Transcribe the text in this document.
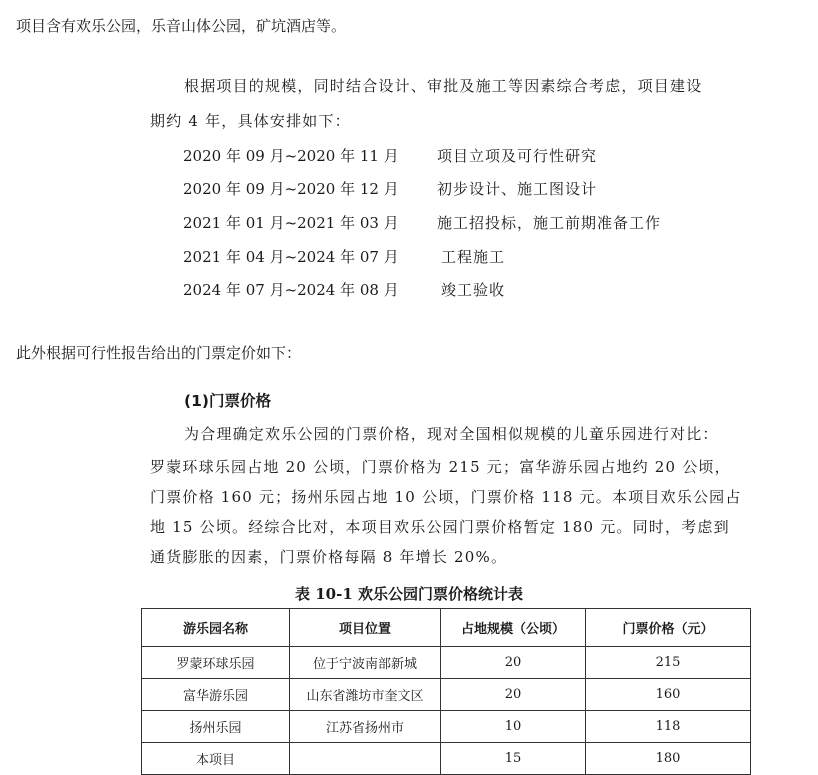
项目含有欢乐公园，乐音山体公园，矿坑酒店等。
根据项目的规模，同时结合设计、审批及施工等因素综合考虑，项目建设
期约 4 年，具体安排如下：
2020 年 09 月~2020 年 11 月	项目立项及可行性研究
2020 年 09 月~2020 年 12 月	初步设计、施工图设计
2021 年 01 月~2021 年 03 月	施工招投标，施工前期准备工作
2021 年 04 月~2024 年 07 月	工程施工
2024 年 07 月~2024 年 08 月	竣工验收
此外根据可行性报告给出的门票定价如下：
(1)门票价格
为合理确定欢乐公园的门票价格，现对全国相似规模的儿童乐园进行对比：
罗蒙环球乐园占地 20 公顷，门票价格为 215 元；富华游乐园占地约 20 公顷，
门票价格 160 元；扬州乐园占地 10 公顷，门票价格 118 元。本项目欢乐公园占
地 15 公顷。经综合比对，本项目欢乐公园门票价格暂定 180 元。同时，考虑到
通货膨胀的因素，门票价格每隔 8 年增长 20%。
表 10-1 欢乐公园门票价格统计表
游乐园名称	项目位置	占地规模（公顷）	门票价格（元）
罗蒙环球乐园	位于宁波南部新城	20	215
富华游乐园	山东省潍坊市奎文区	20	160
扬州乐园	江苏省扬州市	10	118
本项目		15	180
